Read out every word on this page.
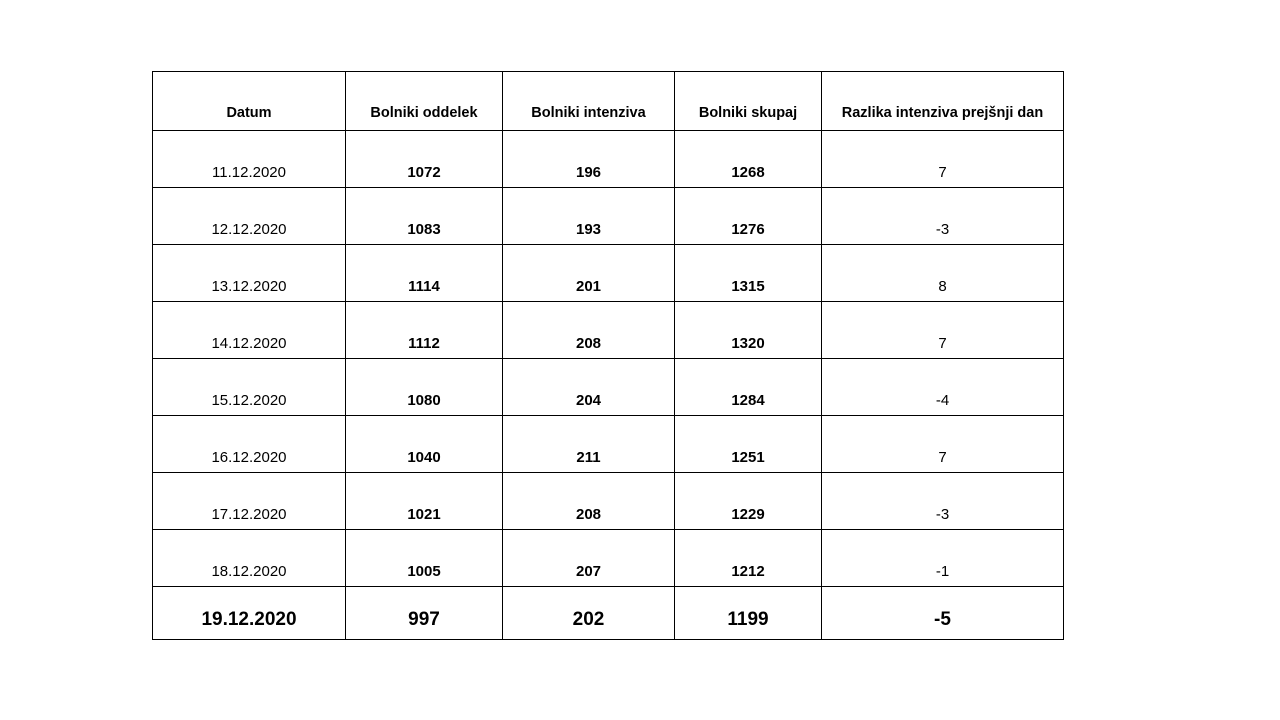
Datum	Bolniki oddelek	Bolniki intenziva	Bolniki skupaj	Razlika intenziva prejšnji dan
11.12.2020	1072	196	1268	7
12.12.2020	1083	193	1276	-3
13.12.2020	1114	201	1315	8
14.12.2020	1112	208	1320	7
15.12.2020	1080	204	1284	-4
16.12.2020	1040	211	1251	7
17.12.2020	1021	208	1229	-3
18.12.2020	1005	207	1212	-1
19.12.2020	997	202	1199	-5
